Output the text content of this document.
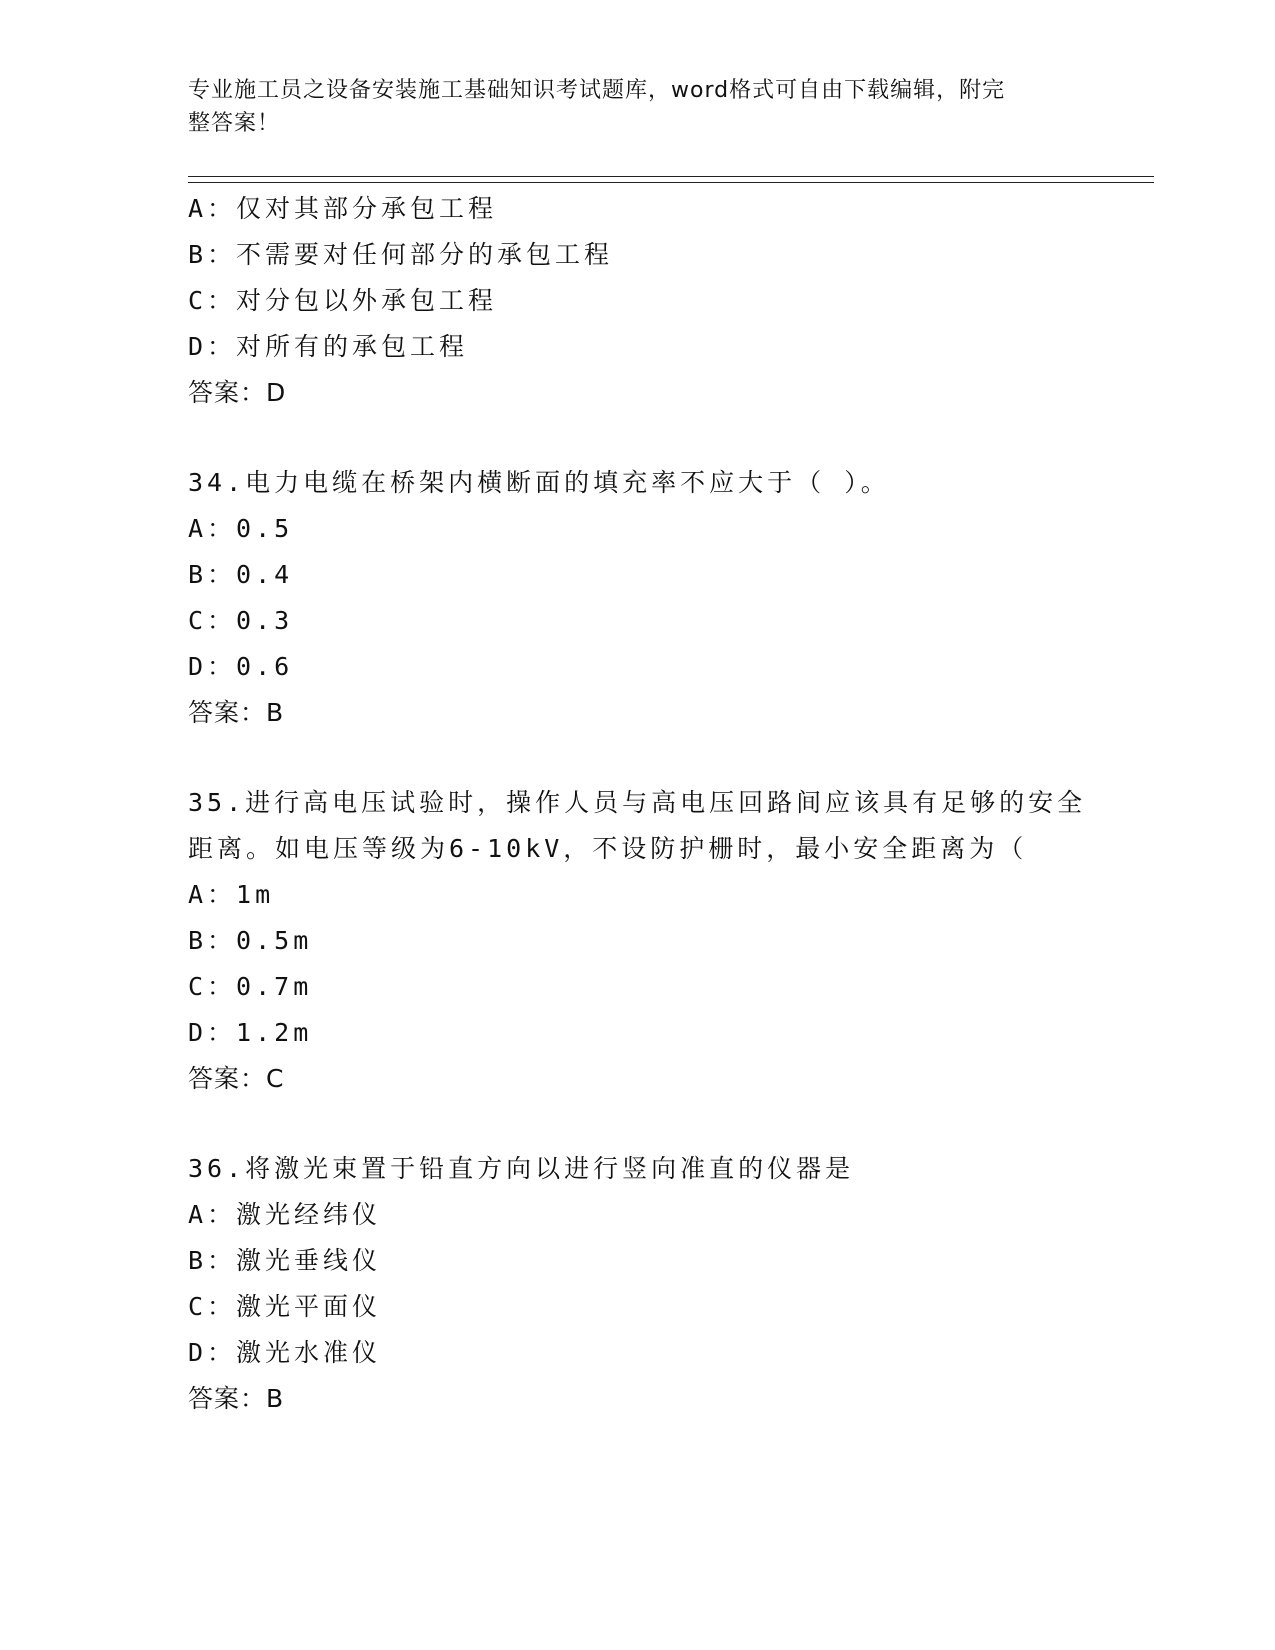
专业施工员之设备安装施工基础知识考试题库，word格式可自由下载编辑，附完
整答案！
A：仅对其部分承包工程
B：不需要对任何部分的承包工程
C：对分包以外承包工程
D：对所有的承包工程
答案：D
34.电力电缆在桥架内横断面的填充率不应大于（ ）。
A：0.5
B：0.4
C：0.3
D：0.6
答案：B
35.进行高电压试验时，操作人员与高电压回路间应该具有足够的安全
距离。如电压等级为6-10kV，不设防护栅时，最小安全距离为（
A：1m
B：0.5m
C：0.7m
D：1.2m
答案：C
36.将激光束置于铅直方向以进行竖向准直的仪器是
A：激光经纬仪
B：激光垂线仪
C：激光平面仪
D：激光水准仪
答案：B
